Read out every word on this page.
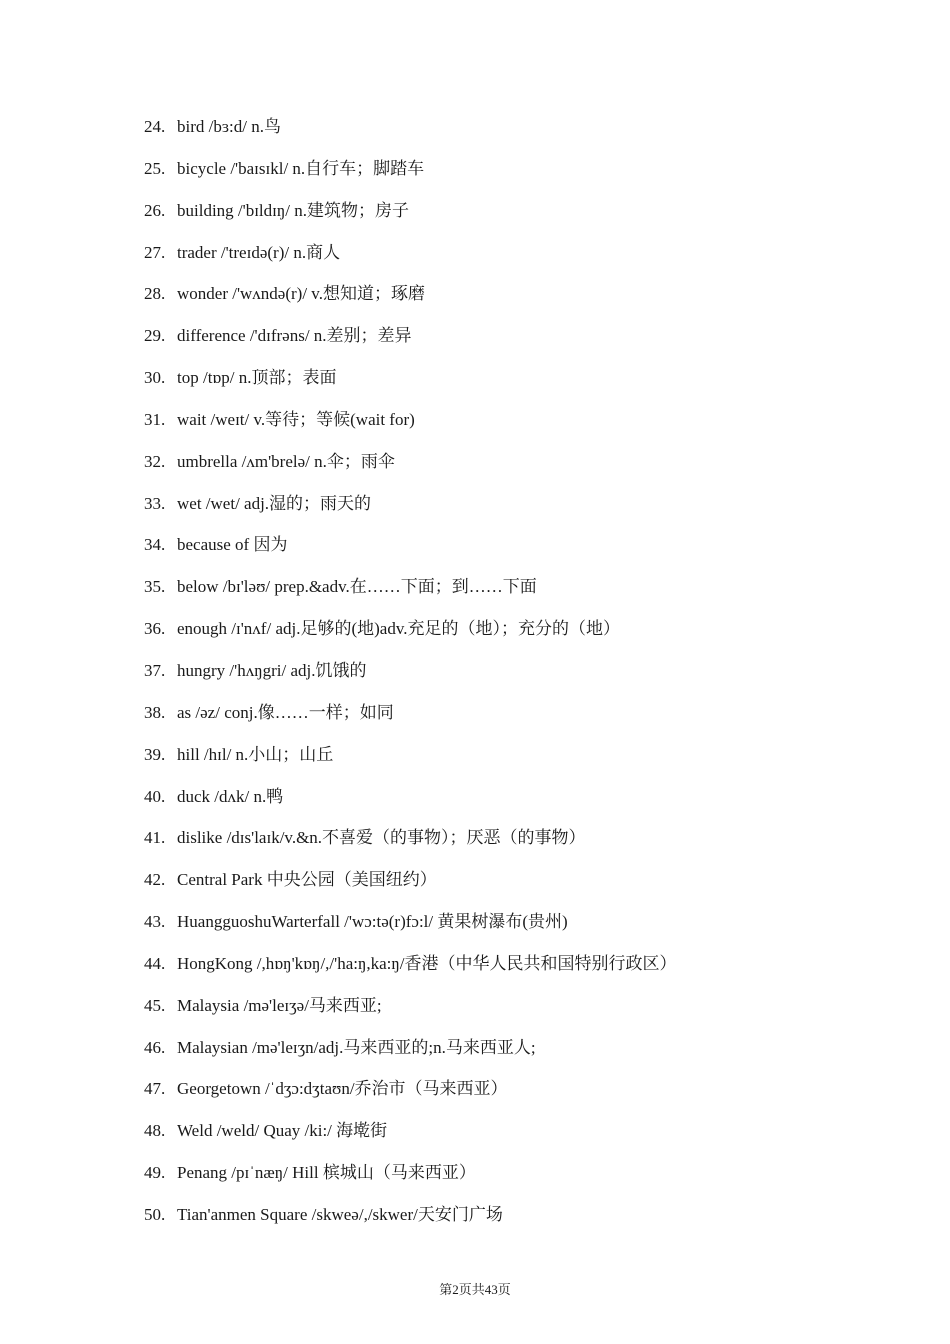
24. bird /bɜ:d/ n.鸟
25. bicycle /'baɪsɪkl/ n.自行车；脚踏车
26. building /'bɪldɪŋ/ n.建筑物；房子
27. trader /'treɪdə(r)/ n.商人
28. wonder /'wʌndə(r)/ v.想知道；琢磨
29. difference /'dɪfrəns/ n.差别；差异
30. top /tɒp/ n.顶部；表面
31. wait /weɪt/ v.等待；等候(wait for)
32. umbrella /ʌm'brelə/ n.伞；雨伞
33. wet /wet/ adj.湿的；雨天的
34. because of 因为
35. below /bɪ'ləʊ/ prep.&adv.在……下面；到……下面
36. enough /ɪ'nʌf/ adj.足够的(地)adv.充足的（地）；充分的（地）
37. hungry /'hʌŋgri/ adj.饥饿的
38. as /əz/ conj.像……一样；如同
39. hill /hɪl/ n.小山；山丘
40. duck /dʌk/ n.鸭
41. dislike /dɪs'laɪk/v.&n.不喜爱（的事物）；厌恶（的事物）
42. Central Park 中央公园（美国纽约）
43. HuangguoshuWarterfall /'wɔ:tə(r)fɔ:l/ 黄果树瀑布(贵州)
44. HongKong /,hɒŋ'kɒŋ/,/'ha:ŋ,ka:ŋ/香港（中华人民共和国特别行政区）
45. Malaysia /mə'leɪʒə/马来西亚;
46. Malaysian /mə'leɪʒn/adj.马来西亚的;n.马来西亚人;
47. Georgetown /ˈdʒɔ:dʒtaʊn/乔治市（马来西亚）
48. Weld /weld/ Quay /ki:/ 海墘街
49. Penang /pɪˈnæŋ/ Hill 槟城山（马来西亚）
50. Tian'anmen Square /skweə/,/skwer/天安门广场
第2页共43页
